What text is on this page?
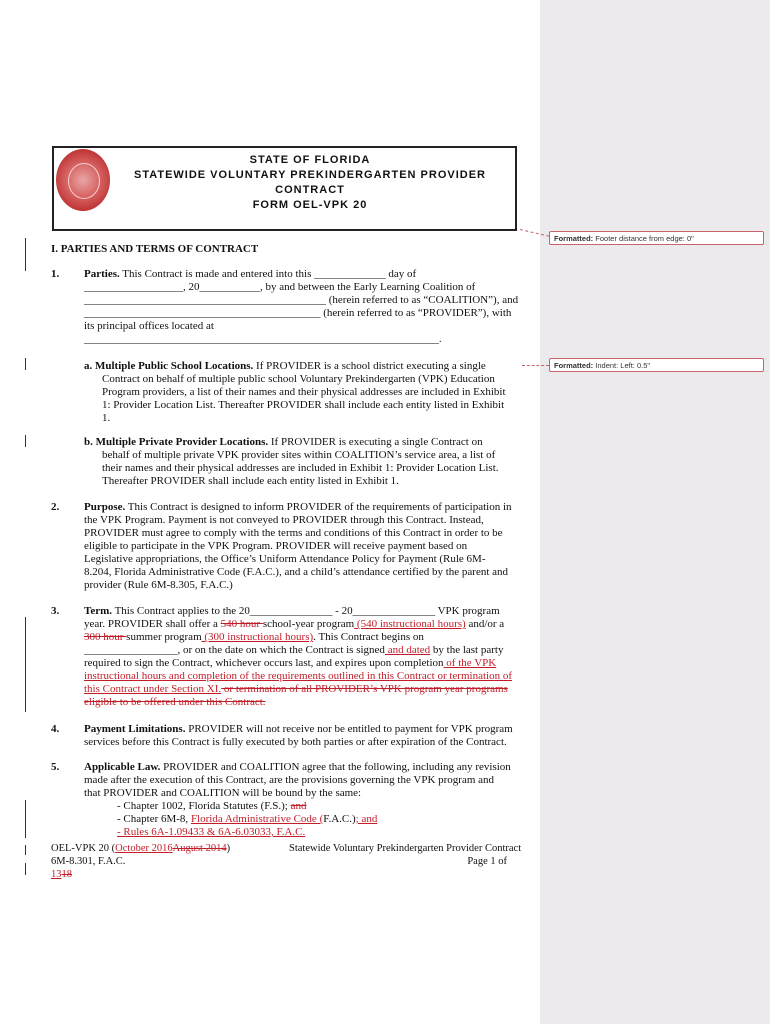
STATE OF FLORIDA
STATEWIDE VOLUNTARY PREKINDERGARTEN PROVIDER
CONTRACT
FORM OEL-VPK 20
Formatted: Footer distance from edge: 0"
Formatted: Indent: Left: 0.5"
I. PARTIES AND TERMS OF CONTRACT
1. Parties. This Contract is made and entered into this _____________ day of
__________________, 20___________, by and between the Early Learning Coalition of
____________________________________________ (herein referred to as “COALITION”), and
___________________________________________ (herein referred to as “PROVIDER”), with
its principal offices located at
_______________________________________________________________________.
a. Multiple Public School Locations. If PROVIDER is a school district executing a single
Contract on behalf of multiple public school Voluntary Prekindergarten (VPK) Education
Program providers, a list of their names and their physical addresses are included in Exhibit
1: Provider Location List. Thereafter PROVIDER shall include each entity listed in Exhibit
1.
b. Multiple Private Provider Locations. If PROVIDER is executing a single Contract on
behalf of multiple private VPK provider sites within COALITION’s service area, a list of
their names and their physical addresses are included in Exhibit 1: Provider Location List.
Thereafter PROVIDER shall include each entity listed in Exhibit 1.
2. Purpose. This Contract is designed to inform PROVIDER of the requirements of participation in
the VPK Program. Payment is not conveyed to PROVIDER through this Contract. Instead,
PROVIDER must agree to comply with the terms and conditions of this Contract in order to be
eligible to participate in the VPK Program. PROVIDER will receive payment based on
Legislative appropriations, the Office’s Uniform Attendance Policy for Payment (Rule 6M-
8.204, Florida Administrative Code (F.A.C.), and a child’s attendance certified by the parent and
provider (Rule 6M-8.305, F.A.C.)
3. Term. This Contract applies to the 20_______________ - 20_______________ VPK program
year. PROVIDER shall offer a 540 hour school-year program (540 instructional hours) and/or a
300 hour summer program (300 instructional hours). This Contract begins on
_________________, or on the date on which the Contract is signed and dated by the last party
required to sign the Contract, whichever occurs last, and expires upon completion of the VPK
instructional hours and completion of the requirements outlined in this Contract or termination of
this Contract under Section XI. or termination of all PROVIDER’s VPK program year programs
eligible to be offered under this Contract.
4. Payment Limitations. PROVIDER will not receive nor be entitled to payment for VPK program
services before this Contract is fully executed by both parties or after expiration of the Contract.
5. Applicable Law. PROVIDER and COALITION agree that the following, including any revision
made after the execution of this Contract, are the provisions governing the VPK program and
that PROVIDER and COALITION will be bound by the same:
- Chapter 1002, Florida Statutes (F.S.); and
- Chapter 6M-8, Florida Administrative Code (F.A.C.); and
- Rules 6A-1.09433 & 6A-6.03033, F.A.C.
OEL-VPK 20 (October 2016August 2014)
6M-8.301, F.A.C.
1318
Statewide Voluntary Prekindergarten Provider Contract
Page 1 of
